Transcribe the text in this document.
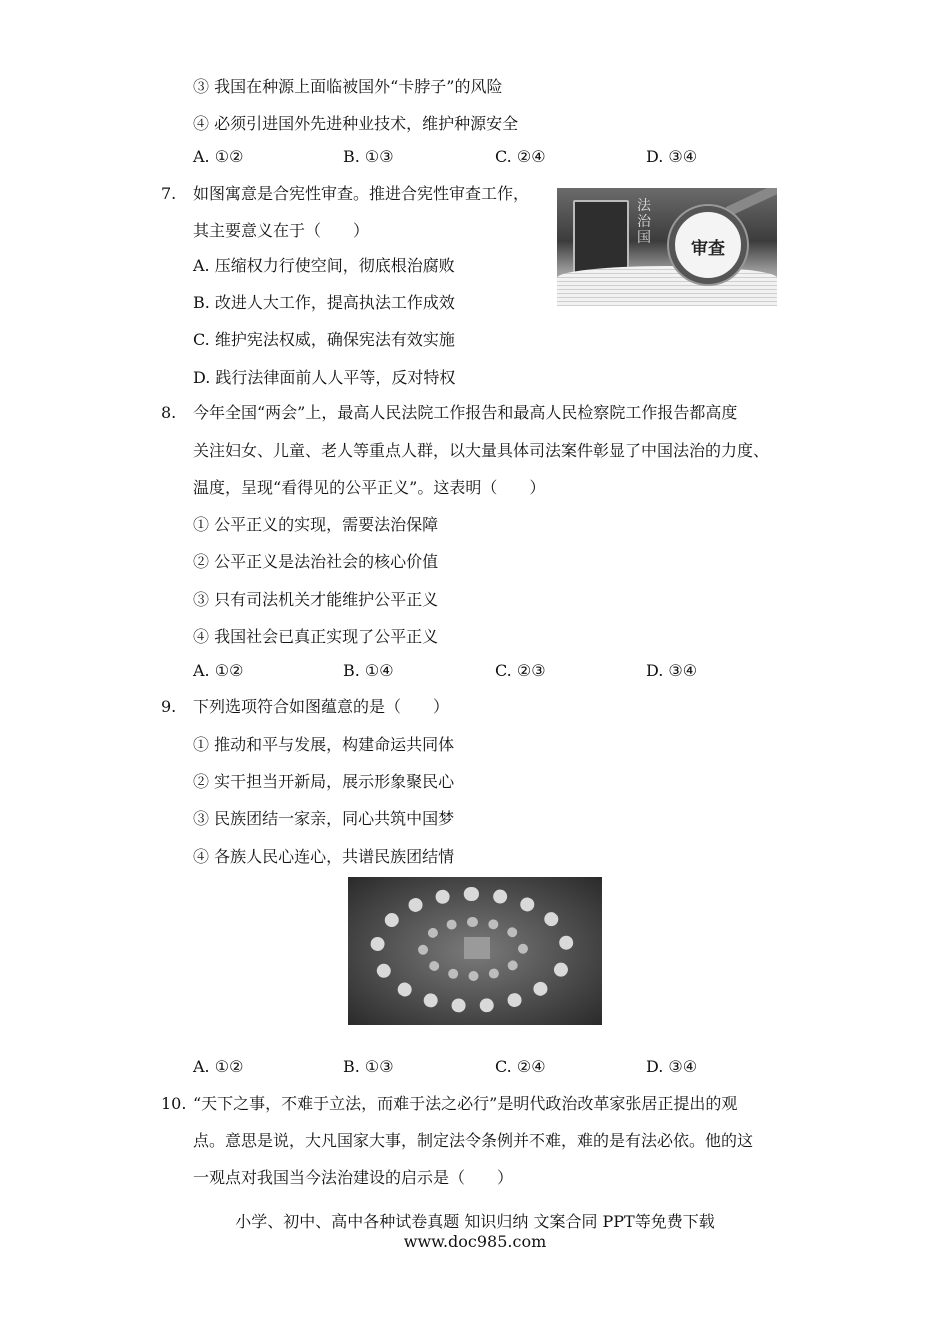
③ 我国在种源上面临被国外“卡脖子”的风险
④ 必须引进国外先进种业技术，维护种源安全
A. ①②	B. ①③	C. ②④	D. ③④
7. 如图寓意是合宪性审查。推进合宪性审查工作，
其主要意义在于（　　）
A. 压缩权力行使空间，彻底根治腐败
B. 改进人大工作，提高执法工作成效
C. 维护宪法权威，确保宪法有效实施
D. 践行法律面前人人平等，反对特权
法治国
审查
8. 今年全国“两会”上，最高人民法院工作报告和最高人民检察院工作报告都高度
关注妇女、儿童、老人等重点人群，以大量具体司法案件彰显了中国法治的力度、
温度，呈现“看得见的公平正义”。这表明（　　）
① 公平正义的实现，需要法治保障
② 公平正义是法治社会的核心价值
③ 只有司法机关才能维护公平正义
④ 我国社会已真正实现了公平正义
A. ①②	B. ①④	C. ②③	D. ③④
9. 下列选项符合如图蕴意的是（　　）
① 推动和平与发展，构建命运共同体
② 实干担当开新局，展示形象聚民心
③ 民族团结一家亲，同心共筑中国梦
④ 各族人民心连心，共谱民族团结情
A. ①②	B. ①③	C. ②④	D. ③④
10. “天下之事，不难于立法，而难于法之必行”是明代政治改革家张居正提出的观
点。意思是说，大凡国家大事，制定法令条例并不难，难的是有法必依。他的这
一观点对我国当今法治建设的启示是（　　）
小学、初中、高中各种试卷真题 知识归纳 文案合同 PPT等免费下载
www.doc985.com
